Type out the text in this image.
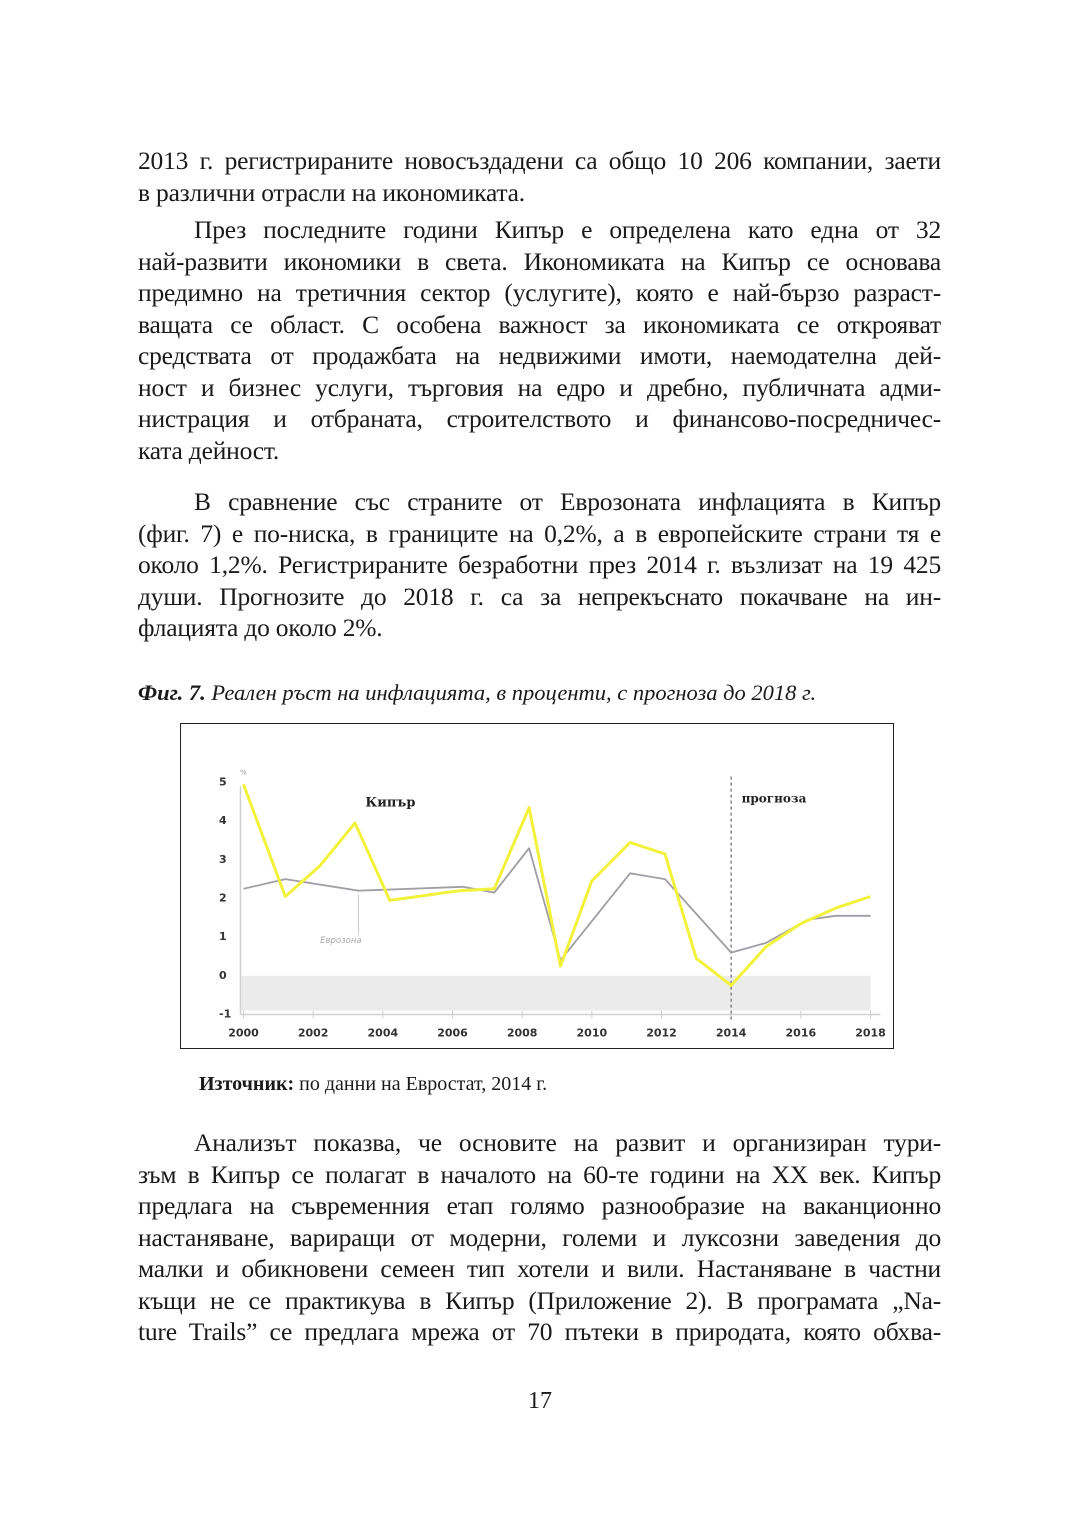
2013 г. регистрираните новосъздадени са общо 10 206 компании, заети
в различни отрасли на икономиката.
През последните години Кипър е определена като една от 32
най-развити икономики в света. Икономиката на Кипър се основава
предимно на третичния сектор (услугите), която е най-бързо разраст-
ващата се област. С особена важност за икономиката се открояват
средствата от продажбата на недвижими имоти, наемодателна дей-
ност и бизнес услуги, търговия на едро и дребно, публичната адми-
нистрация и отбраната, строителството и финансово-посредничес-
ката дейност.
В сравнение със страните от Еврозоната инфлацията в Кипър
(фиг. 7) е по-ниска, в границите на 0,2%, а в европейските страни тя е
около 1,2%. Регистрираните безработни през 2014 г. възлизат на 19 425
души. Прогнозите до 2018 г. са за непрекъснато покачване на ин-
флацията до около 2%.
Фиг. 7. Реален ръст на инфлацията, в проценти, с прогноза до 2018 г.
5
4
3
2
1
0
-1
%
2000	2002	2004	2006	2008	2010	2012	2014	2016	2018
Кипър	прогноза
Еврозона
Източник: по данни на Евростат, 2014 г.
Анализът показва, че основите на развит и организиран тури-
зъм в Кипър се полагат в началото на 60-те години на XX век. Кипър
предлага на съвременния етап голямо разнообразие на ваканционно
настаняване, вариращи от модерни, големи и луксозни заведения до
малки и обикновени семеен тип хотели и вили. Настаняване в частни
къщи не се практикува в Кипър (Приложение 2). В програмата „Na-
ture Trails” се предлага мрежа от 70 пътеки в природата, която обхва-
17
